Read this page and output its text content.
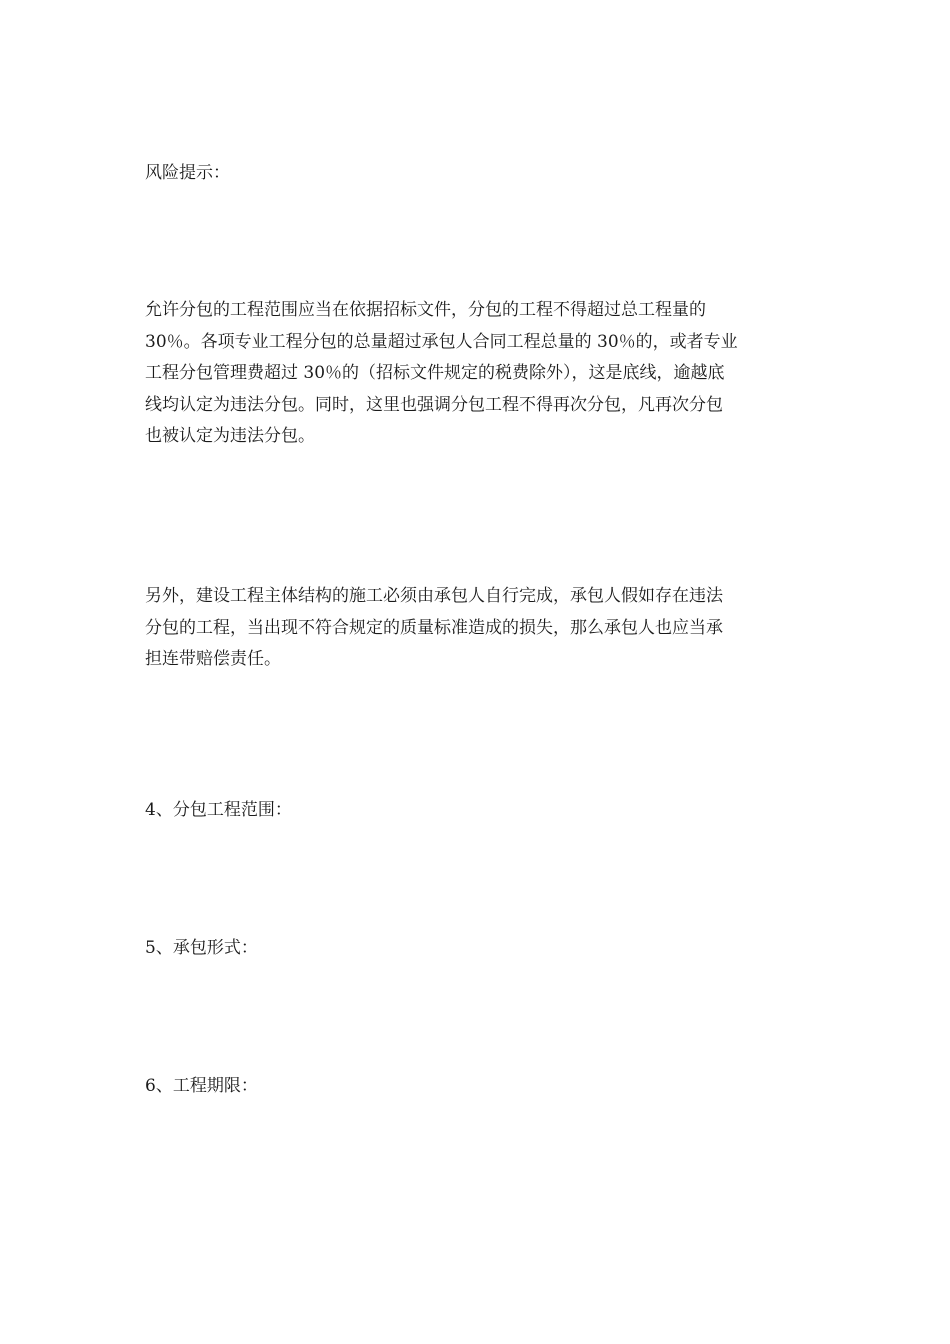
风险提示：

允许分包的工程范围应当在依据招标文件，分包的工程不得超过总工程量的
30％。各项专业工程分包的总量超过承包人合同工程总量的 30％的，或者专业
工程分包管理费超过 30％的（招标文件规定的税费除外），这是底线，逾越底
线均认定为违法分包。同时，这里也强调分包工程不得再次分包，凡再次分包
也被认定为违法分包。

另外，建设工程主体结构的施工必须由承包人自行完成，承包人假如存在违法
分包的工程，当出现不符合规定的质量标准造成的损失，那么承包人也应当承
担连带赔偿责任。

4、分包工程范围：

5、承包形式：

6、工程期限：
